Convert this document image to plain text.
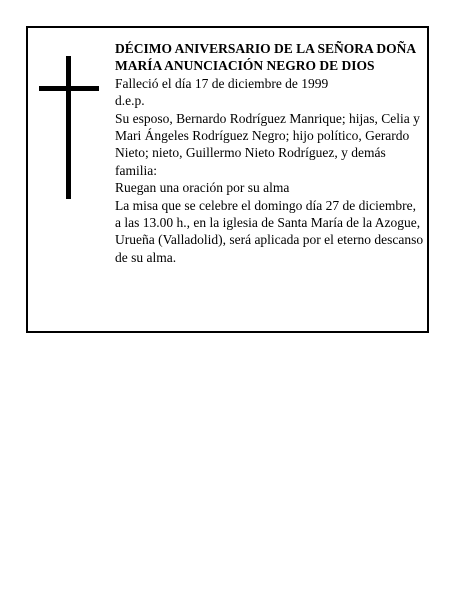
DÉCIMO ANIVERSARIO DE LA SEÑORA DOÑA MARÍA ANUNCIACIÓN NEGRO DE DIOS

Falleció el día 17 de diciembre de 1999

d.e.p.

Su esposo, Bernardo Rodríguez Manrique; hijas, Celia y Mari Ángeles Rodríguez Negro; hijo político, Gerardo Nieto; nieto, Guillermo Nieto Rodríguez, y demás familia:

Ruegan una oración por su alma

La misa que se celebre el domingo día 27 de diciembre, a las 13.00 h., en la iglesia de Santa María de la Azogue, Urueña (Valladolid), será aplicada por el eterno descanso de su alma.
